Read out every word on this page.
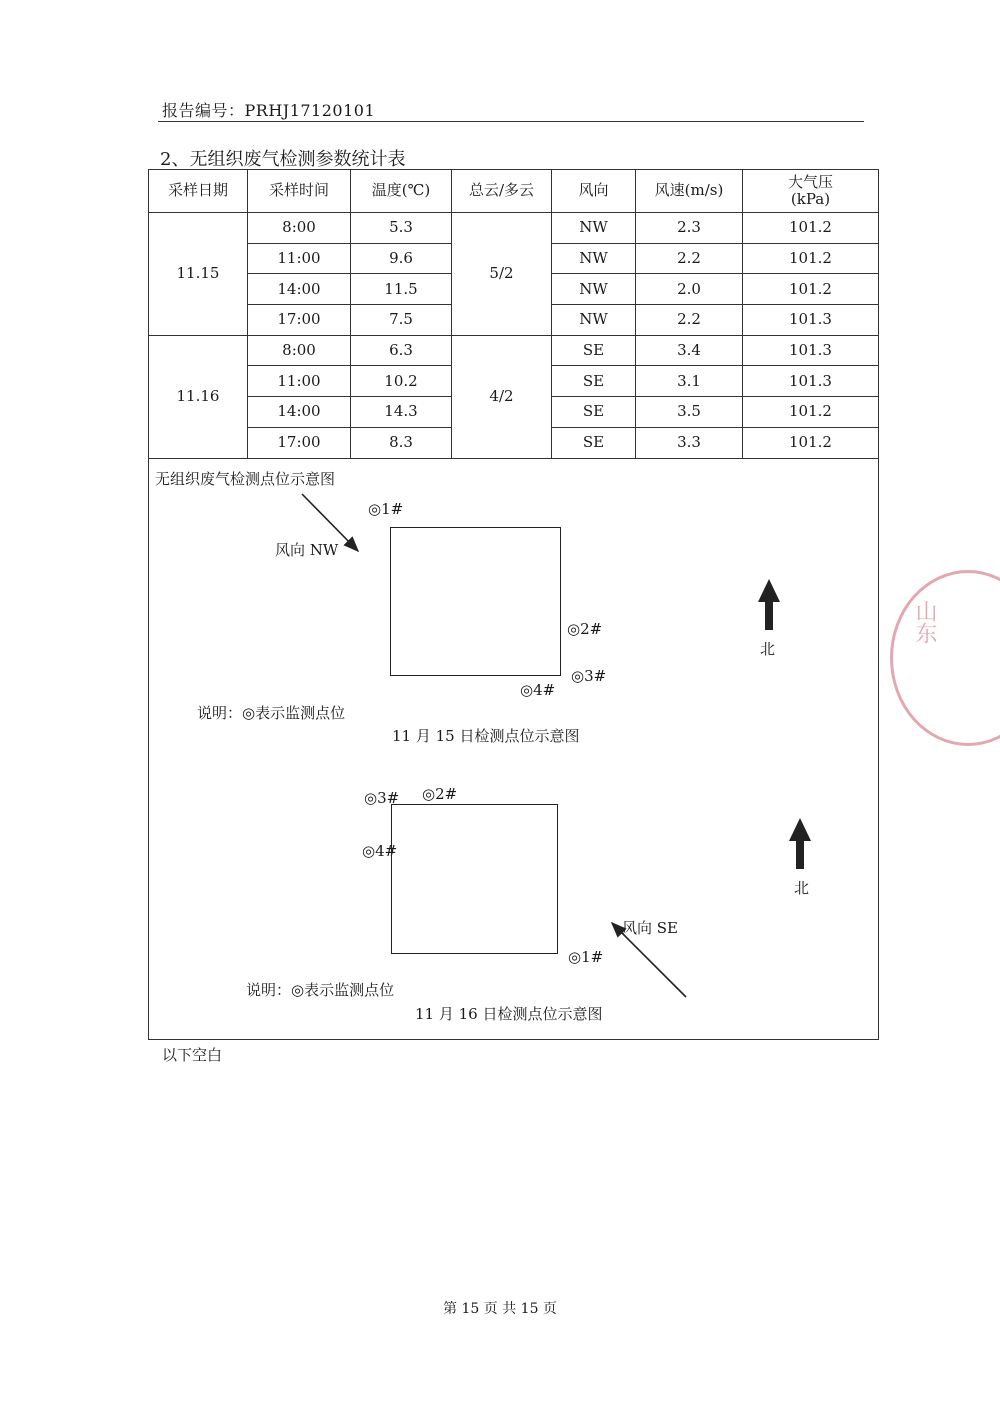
报告编号：PRHJ17120101
2、无组织废气检测参数统计表
采样日期	采样时间	温度(℃)	总云/多云	风向	风速(m/s)	大气压
(kPa)
11.15	8:00	5.3	5/2	NW	2.3	101.2
	11:00	9.6		NW	2.2	101.2
	14:00	11.5		NW	2.0	101.2
	17:00	7.5		NW	2.2	101.3
11.16	8:00	6.3	4/2	SE	3.4	101.3
	11:00	10.2		SE	3.1	101.3
	14:00	14.3		SE	3.5	101.2
	17:00	8.3		SE	3.3	101.2
无组织废气检测点位示意图
◎1#
风向 NW
◎2#
◎3#
◎4#
北
说明：◎表示监测点位
11 月 15 日检测点位示意图
◎3# ◎2#
◎4#
◎1#
风向 SE
北
说明：◎表示监测点位
11 月 16 日检测点位示意图
以下空白
山东
第 15 页 共 15 页
